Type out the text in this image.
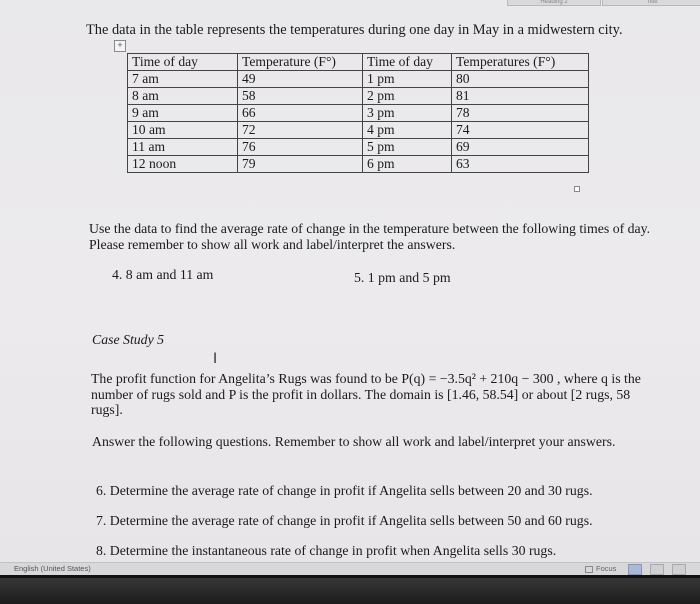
Heading 2	Title
The data in the table represents the temperatures during one day in May in a midwestern city.
+
Time of day	Temperature (F°)	Time of day	Temperatures (F°)
7 am	49	1 pm	80
8 am	58	2 pm	81
9 am	66	3 pm	78
10 am	72	4 pm	74
11 am	76	5 pm	69
12 noon	79	6 pm	63
Use the data to find the average rate of change in the temperature between the following times of day. Please remember to show all work and label/interpret the answers.
4. 8 am and 11 am	5. 1 pm and 5 pm
Case Study 5
I
The profit function for Angelita’s Rugs was found to be P(q) = −3.5q² + 210q − 300 , where q is the number of rugs sold and P is the profit in dollars. The domain is [1.46, 58.54] or about [2 rugs, 58 rugs].
Answer the following questions. Remember to show all work and label/interpret your answers.
6. Determine the average rate of change in profit if Angelita sells between 20 and 30 rugs.
7. Determine the average rate of change in profit if Angelita sells between 50 and 60 rugs.
8. Determine the instantaneous rate of change in profit when Angelita sells 30 rugs.
English (United States)	Focus
